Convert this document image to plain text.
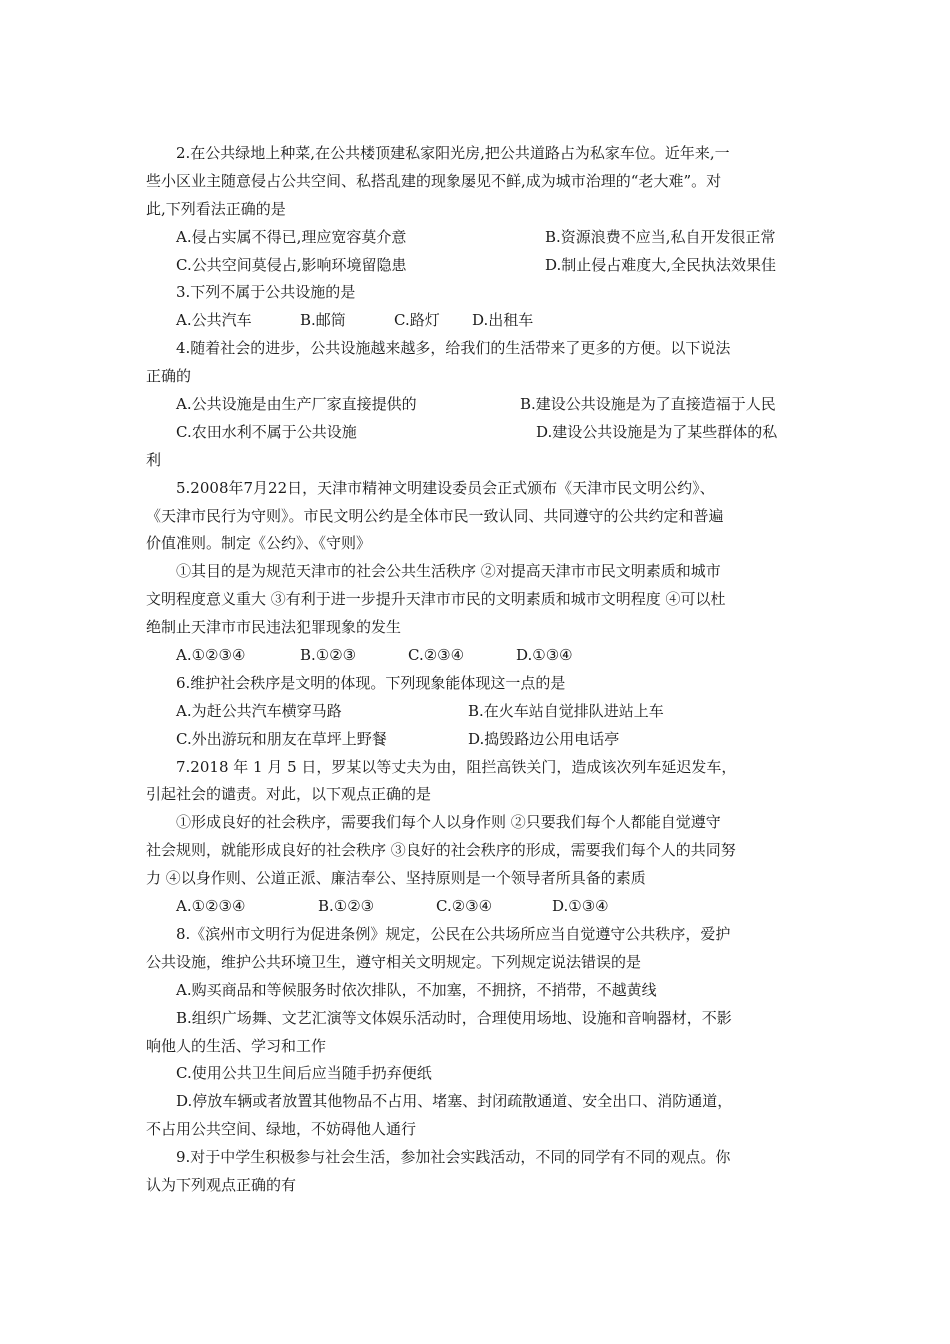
2.在公共绿地上种菜,在公共楼顶建私家阳光房,把公共道路占为私家车位。近年来,一
些小区业主随意侵占公共空间、私搭乱建的现象屡见不鲜,成为城市治理的“老大难”。对
此,下列看法正确的是
A.侵占实属不得已,理应宽容莫介意	B.资源浪费不应当,私自开发很正常
C.公共空间莫侵占,影响环境留隐患	D.制止侵占难度大,全民执法效果佳
3.下列不属于公共设施的是
A.公共汽车	B.邮筒	C.路灯	D.出租车
4.随着社会的进步，公共设施越来越多，给我们的生活带来了更多的方便。以下说法
正确的
A.公共设施是由生产厂家直接提供的	B.建设公共设施是为了直接造福于人民
C.农田水利不属于公共设施	D.建设公共设施是为了某些群体的私
利
5.2008年7月22日，天津市精神文明建设委员会正式颁布《天津市民文明公约》、
《天津市民行为守则》。市民文明公约是全体市民一致认同、共同遵守的公共约定和普遍
价值准则。制定《公约》、《守则》
①其目的是为规范天津市的社会公共生活秩序 ②对提高天津市市民文明素质和城市
文明程度意义重大 ③有利于进一步提升天津市市民的文明素质和城市文明程度 ④可以杜
绝制止天津市市民违法犯罪现象的发生
A.①②③④	B.①②③	C.②③④	D.①③④
6.维护社会秩序是文明的体现。下列现象能体现这一点的是
A.为赶公共汽车横穿马路	B.在火车站自觉排队进站上车
C.外出游玩和朋友在草坪上野餐	D.捣毁路边公用电话亭
7.2018 年 1 月 5 日，罗某以等丈夫为由，阻拦高铁关门，造成该次列车延迟发车，
引起社会的谴责。对此，以下观点正确的是
①形成良好的社会秩序，需要我们每个人以身作则 ②只要我们每个人都能自觉遵守
社会规则，就能形成良好的社会秩序 ③良好的社会秩序的形成，需要我们每个人的共同努
力 ④以身作则、公道正派、廉洁奉公、坚持原则是一个领导者所具备的素质
A.①②③④	B.①②③	C.②③④	D.①③④
8.《滨州市文明行为促进条例》规定，公民在公共场所应当自觉遵守公共秩序，爱护
公共设施，维护公共环境卫生，遵守相关文明规定。下列规定说法错误的是
A.购买商品和等候服务时依次排队，不加塞，不拥挤，不捎带，不越黄线
B.组织广场舞、文艺汇演等文体娱乐活动时，合理使用场地、设施和音响器材，不影
响他人的生活、学习和工作
C.使用公共卫生间后应当随手扔弃便纸
D.停放车辆或者放置其他物品不占用、堵塞、封闭疏散通道、安全出口、消防通道，
不占用公共空间、绿地，不妨碍他人通行
9.对于中学生积极参与社会生活，参加社会实践活动，不同的同学有不同的观点。你
认为下列观点正确的有
